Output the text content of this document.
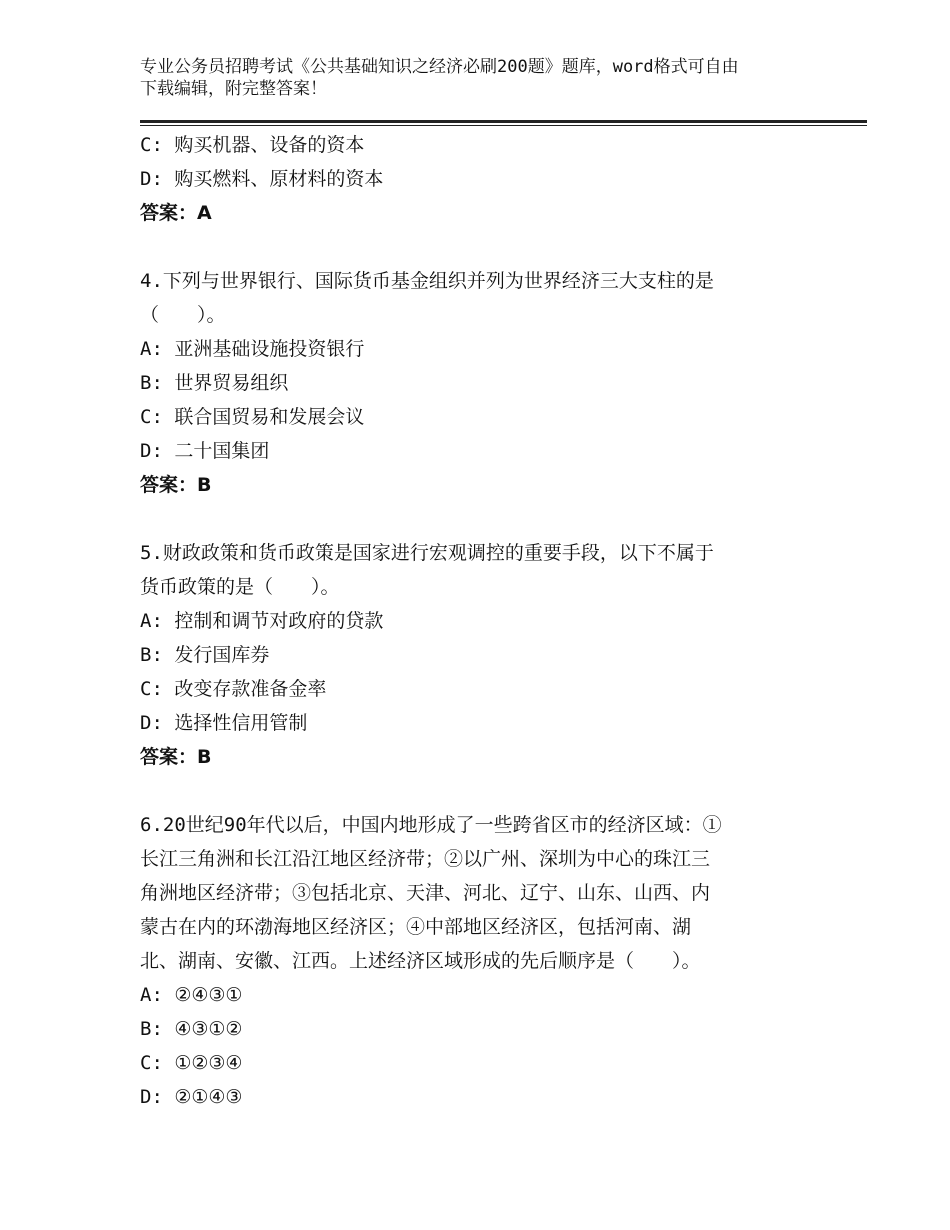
专业公务员招聘考试《公共基础知识之经济必刷200题》题库，word格式可自由
下载编辑，附完整答案！
C: 购买机器、设备的资本
D: 购买燃料、原材料的资本
答案：A
4.下列与世界银行、国际货币基金组织并列为世界经济三大支柱的是
（　　）。
A: 亚洲基础设施投资银行
B: 世界贸易组织
C: 联合国贸易和发展会议
D: 二十国集团
答案：B
5.财政政策和货币政策是国家进行宏观调控的重要手段，以下不属于
货币政策的是（　　）。
A: 控制和调节对政府的贷款
B: 发行国库券
C: 改变存款准备金率
D: 选择性信用管制
答案：B
6.20世纪90年代以后，中国内地形成了一些跨省区市的经济区域：①
长江三角洲和长江沿江地区经济带；②以广州、深圳为中心的珠江三
角洲地区经济带；③包括北京、天津、河北、辽宁、山东、山西、内
蒙古在内的环渤海地区经济区；④中部地区经济区，包括河南、湖
北、湖南、安徽、江西。上述经济区域形成的先后顺序是（　　）。
A: ②④③①
B: ④③①②
C: ①②③④
D: ②①④③
